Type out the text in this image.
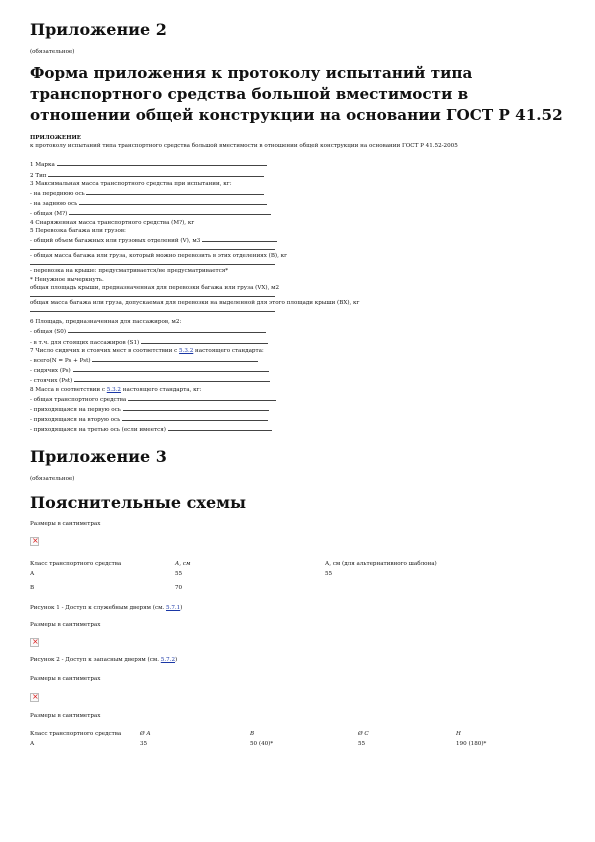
Приложение 2
(обязательное)
Форма приложения к протоколу испытаний типа транспортного средства большой вместимости в отношении общей конструкции на основании ГОСТ Р 41.52
ПРИЛОЖЕНИЕ
к протоколу испытаний типа транспортного средства большой вместимости в отношении общей конструкции на основании ГОСТ Р 41.52-2005
1 Марка
2 Тип
3 Максимальная масса транспортного средства при испытании, кг:
- на переднюю ось
- на заднюю ось
- общая (М?)
4 Снаряженная масса транспортного средства (М?), кг
5 Перевозка багажа или грузов:
- общий объем багажных или грузовых отделений (V), м3
- общая масса багажа или груза, который можно перевозить в этих отделениях (B), кг
- перевозка на крыше: предусматривается/не предусматривается*
* Ненужное вычеркнуть.
общая площадь крыши, предназначенная для перевозки багажа или груза (VX), м2
общая масса багажа или груза, допускаемая для перевозки на выделенной для этого площади крыши (BX), кг
6 Площадь, предназначенная для пассажиров, м2:
- общая (S0)
- в т.ч. для стоящих пассажиров (S1)
7 Число сидячих и стоячих мест в соответствии с 5.3.2 настоящего стандарта:
- всего(N = Ps + Pst)
- сидячих (Ps)
- стоячих (Pst)
8 Масса в соответствии с 5.3.2 настоящего стандарта, кг:
- общая транспортного средства
- приходящаяся на первую ось
- приходящаяся на вторую ось
- приходящаяся на третью ось (если имеется)
Приложение 3
(обязательное)
Пояснительные схемы
Размеры в сантиметрах
×
Класс транспортного средства	А, см	А, см (для альтернативного шаблона)
А	55	55
В	70	
Рисунок 1 - Доступ к служебным дверям (см. 5.7.1)
Размеры в сантиметрах
×
Рисунок 2 - Доступ к запасным дверям (см. 5.7.2)
Размеры в сантиметрах
×
Размеры в сантиметрах
Класс транспортного средства	Ø А	В	Ø С	Н
А	35	50 (40)*	55	190 (180)*
